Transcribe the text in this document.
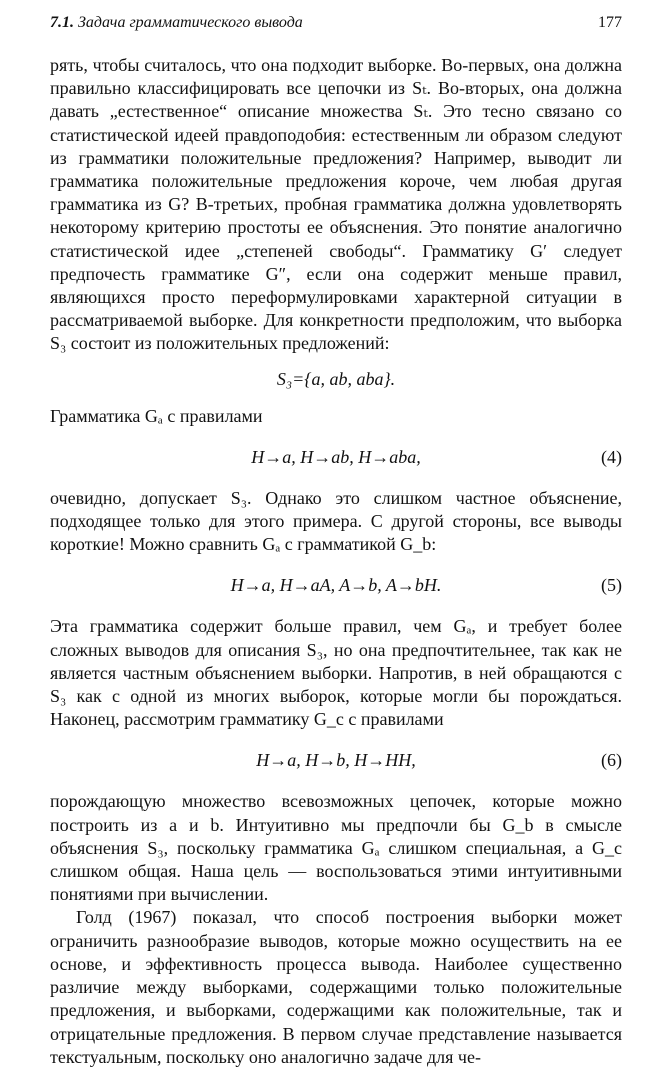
7.1. Задача грамматического вывода	177

рять, чтобы считалось, что она подходит выборке. Во-первых, она должна правильно классифицировать все цепочки из Sₜ. Во-вторых, она должна давать „естественное“ описание множества Sₜ. Это тесно связано со статистической идеей правдоподобия: естественным ли образом следуют из грамматики положительные предложения? Например, выводит ли грамматика положительные предложения короче, чем любая другая грамматика из G? В-третьих, пробная грамматика должна удовлетворять некоторому критерию простоты ее объяснения. Это понятие аналогично статистической идее „степеней свободы“. Грамматику G′ следует предпочесть грамматике G″, если она содержит меньше правил, являющихся просто переформулировками характерной ситуации в рассматриваемой выборке. Для конкретности предположим, что выборка S₃ состоит из положительных предложений:

S₃={a, ab, aba}.

Грамматика Gₐ с правилами

H→a, H→ab, H→aba,	(4)

очевидно, допускает S₃. Однако это слишком частное объяснение, подходящее только для этого примера. С другой стороны, все выводы короткие! Можно сравнить Gₐ с грамматикой G_b:

H→a, H→aA, A→b, A→bH.	(5)

Эта грамматика содержит больше правил, чем Gₐ, и требует более сложных выводов для описания S₃, но она предпочтительнее, так как не является частным объяснением выборки. Напротив, в ней обращаются с S₃ как с одной из многих выборок, которые могли бы порождаться. Наконец, рассмотрим грамматику G_c с правилами

H→a, H→b, H→HH,	(6)

порождающую множество всевозможных цепочек, которые можно построить из a и b. Интуитивно мы предпочли бы G_b в смысле объяснения S₃, поскольку грамматика Gₐ слишком специальная, а G_c слишком общая. Наша цель — воспользоваться этими интуитивными понятиями при вычислении.

Голд (1967) показал, что способ построения выборки может ограничить разнообразие выводов, которые можно осуществить на ее основе, и эффективность процесса вывода. Наиболее существенно различие между выборками, содержащими только положительные предложения, и выборками, содержащими как положительные, так и отрицательные предложения. В первом случае представление называется текстуальным, поскольку оно аналогично задаче для че-
